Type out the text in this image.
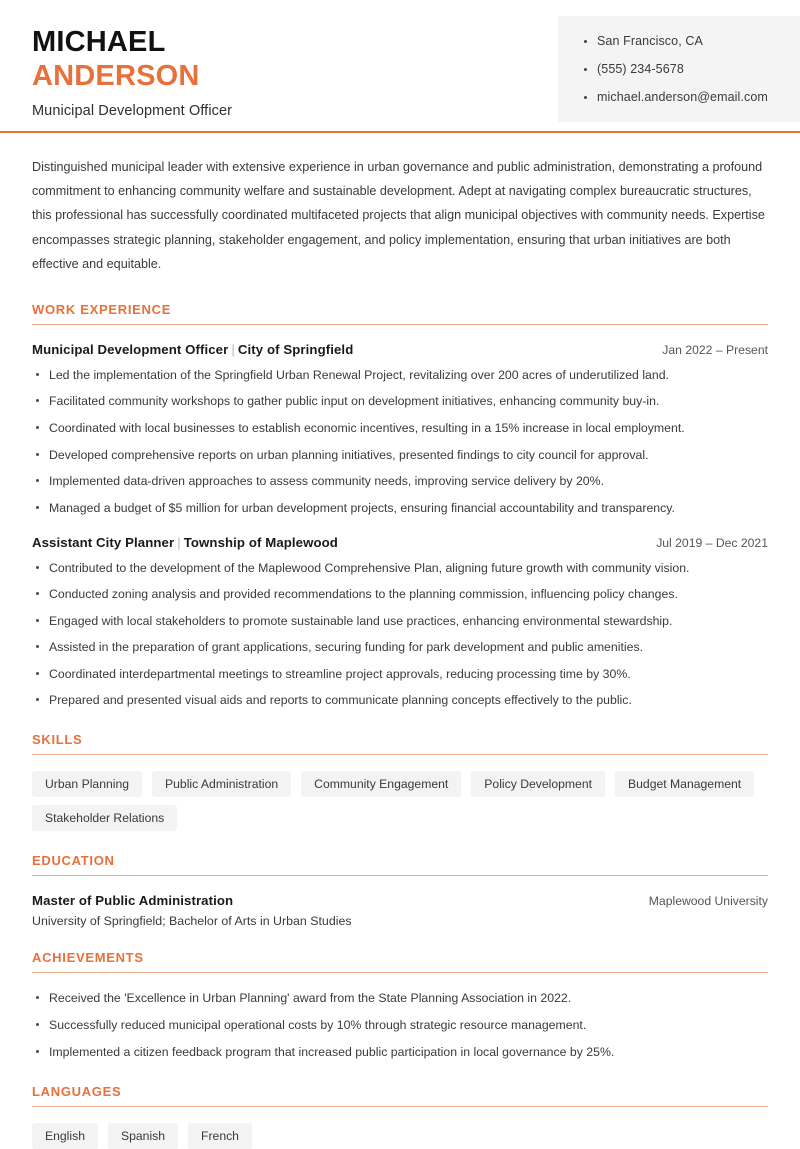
MICHAEL
ANDERSON
Municipal Development Officer
San Francisco, CA
(555) 234-5678
michael.anderson@email.com

Distinguished municipal leader with extensive experience in urban governance and public administration, demonstrating a profound commitment to enhancing community welfare and sustainable development. Adept at navigating complex bureaucratic structures, this professional has successfully coordinated multifaceted projects that align municipal objectives with community needs. Expertise encompasses strategic planning, stakeholder engagement, and policy implementation, ensuring that urban initiatives are both effective and equitable.

WORK EXPERIENCE
Municipal Development Officer | City of Springfield	Jan 2022 – Present
Led the implementation of the Springfield Urban Renewal Project, revitalizing over 200 acres of underutilized land.
Facilitated community workshops to gather public input on development initiatives, enhancing community buy-in.
Coordinated with local businesses to establish economic incentives, resulting in a 15% increase in local employment.
Developed comprehensive reports on urban planning initiatives, presented findings to city council for approval.
Implemented data-driven approaches to assess community needs, improving service delivery by 20%.
Managed a budget of $5 million for urban development projects, ensuring financial accountability and transparency.
Assistant City Planner | Township of Maplewood	Jul 2019 – Dec 2021
Contributed to the development of the Maplewood Comprehensive Plan, aligning future growth with community vision.
Conducted zoning analysis and provided recommendations to the planning commission, influencing policy changes.
Engaged with local stakeholders to promote sustainable land use practices, enhancing environmental stewardship.
Assisted in the preparation of grant applications, securing funding for park development and public amenities.
Coordinated interdepartmental meetings to streamline project approvals, reducing processing time by 30%.
Prepared and presented visual aids and reports to communicate planning concepts effectively to the public.
SKILLS
Urban Planning	Public Administration	Community Engagement	Policy Development	Budget Management
Stakeholder Relations
EDUCATION
Master of Public Administration	Maplewood University
University of Springfield; Bachelor of Arts in Urban Studies
ACHIEVEMENTS
Received the 'Excellence in Urban Planning' award from the State Planning Association in 2022.
Successfully reduced municipal operational costs by 10% through strategic resource management.
Implemented a citizen feedback program that increased public participation in local governance by 25%.
LANGUAGES
English	Spanish	French
